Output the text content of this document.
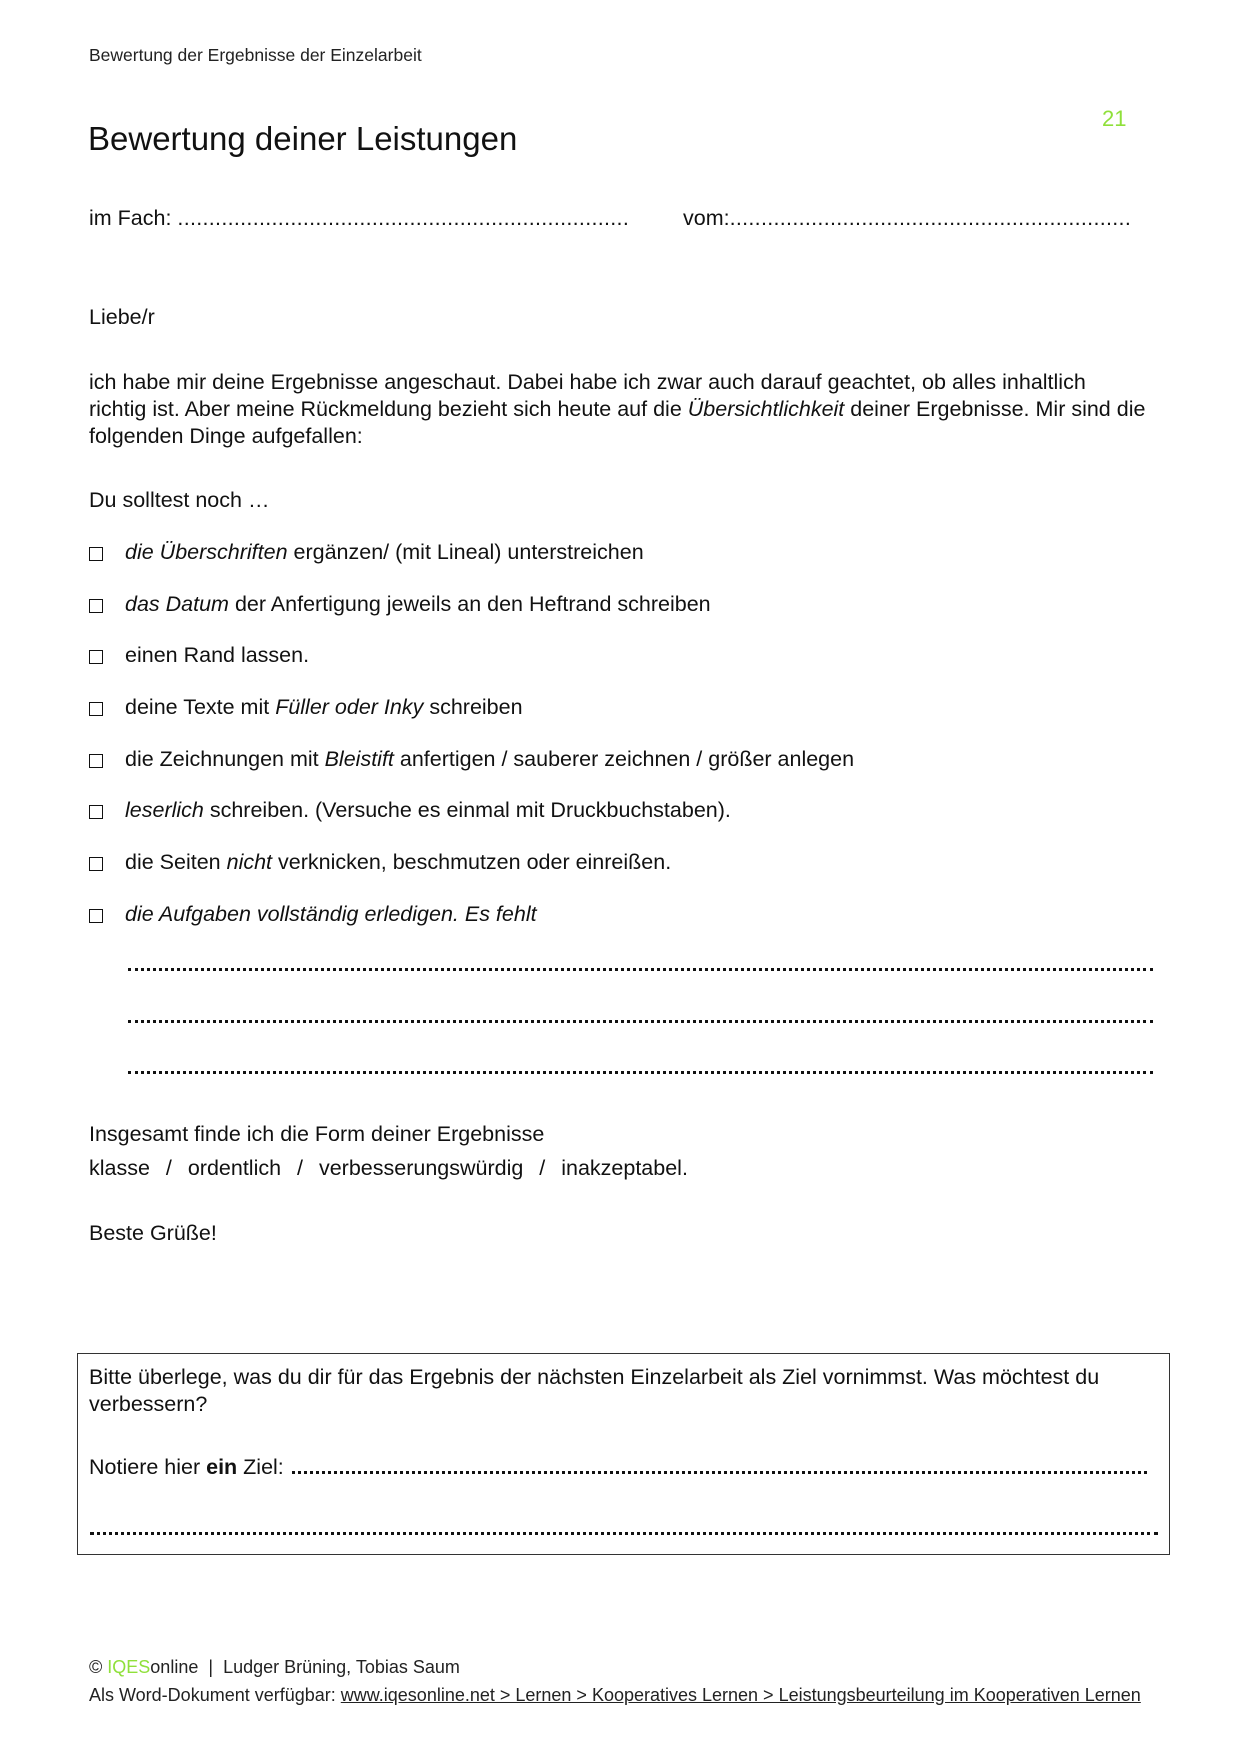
Bewertung der Ergebnisse der Einzelarbeit
21
Bewertung deiner Leistungen
im Fach: ........................................................................	vom:................................................................
Liebe/r
ich habe mir deine Ergebnisse angeschaut. Dabei habe ich zwar auch darauf geachtet, ob alles inhaltlich richtig ist. Aber meine Rückmeldung bezieht sich heute auf die Übersichtlichkeit deiner Ergebnisse. Mir sind die folgenden Dinge aufgefallen:
Du solltest noch …
die Überschriften ergänzen/ (mit Lineal) unterstreichen
das Datum der Anfertigung jeweils an den Heftrand schreiben
einen Rand lassen.
deine Texte mit Füller oder Inky schreiben
die Zeichnungen mit Bleistift anfertigen / sauberer zeichnen / größer anlegen
leserlich schreiben. (Versuche es einmal mit Druckbuchstaben).
die Seiten nicht verknicken, beschmutzen oder einreißen.
die Aufgaben vollständig erledigen. Es fehlt
Insgesamt finde ich die Form deiner Ergebnisse
klasse / ordentlich / verbesserungswürdig / inakzeptabel.
Beste Grüße!
Bitte überlege, was du dir für das Ergebnis der nächsten Einzelarbeit als Ziel vornimmst. Was möchtest du verbessern?
Notiere hier ein Ziel:
© IQESonline | Ludger Brüning, Tobias Saum
Als Word-Dokument verfügbar: www.iqesonline.net > Lernen > Kooperatives Lernen > Leistungsbeurteilung im Kooperativen Lernen
